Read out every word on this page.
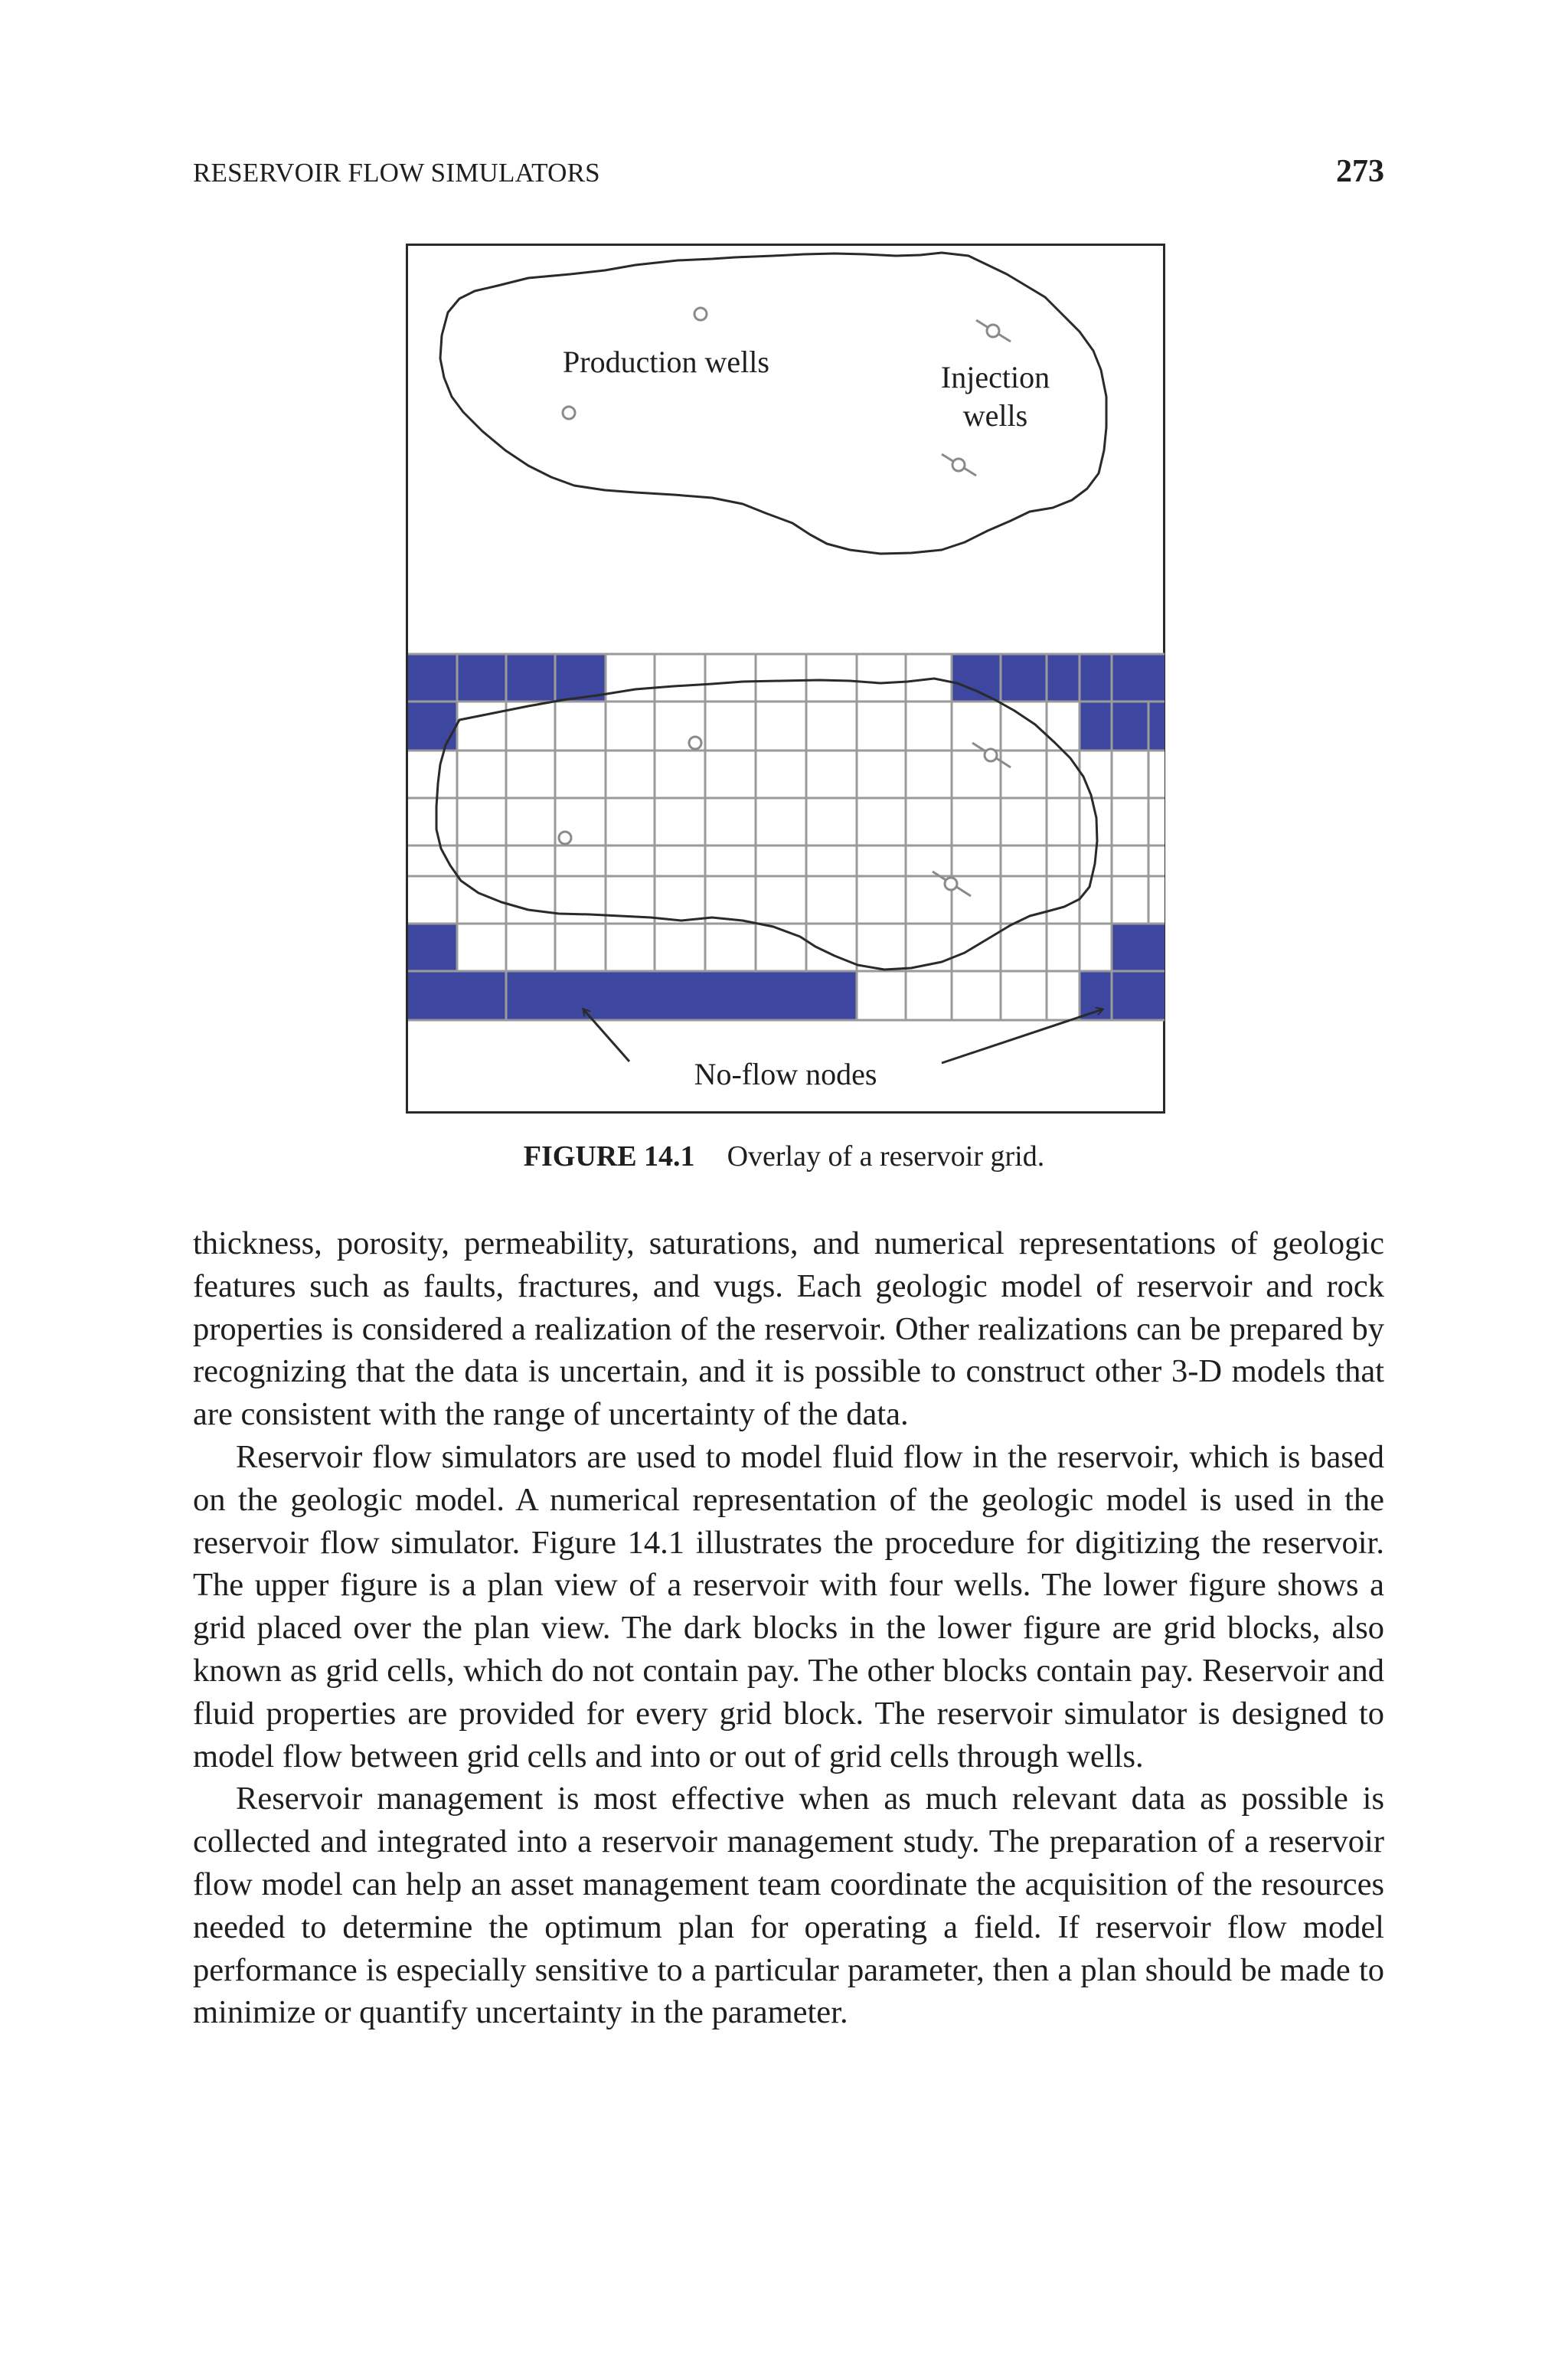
RESERVOIR FLOW SIMULATORS	273
Production wells	Injection
wells
No-flow nodes
FIGURE 14.1 Overlay of a reservoir grid.

thickness, porosity, permeability, saturations, and numerical representations of geologic features such as faults, fractures, and vugs. Each geologic model of reservoir and rock properties is considered a realization of the reservoir. Other realizations can be prepared by recognizing that the data is uncertain, and it is possible to construct other 3-D models that are consistent with the range of uncertainty of the data.

Reservoir flow simulators are used to model fluid flow in the reservoir, which is based on the geologic model. A numerical representation of the geologic model is used in the reservoir flow simulator. Figure 14.1 illustrates the procedure for digitizing the reservoir. The upper figure is a plan view of a reservoir with four wells. The lower figure shows a grid placed over the plan view. The dark blocks in the lower figure are grid blocks, also known as grid cells, which do not contain pay. The other blocks contain pay. Reservoir and fluid properties are provided for every grid block. The reservoir simulator is designed to model flow between grid cells and into or out of grid cells through wells.

Reservoir management is most effective when as much relevant data as possible is collected and integrated into a reservoir management study. The preparation of a reservoir flow model can help an asset management team coordinate the acquisition of the resources needed to determine the optimum plan for operating a field. If reservoir flow model performance is especially sensitive to a particular parameter, then a plan should be made to minimize or quantify uncertainty in the parameter.
